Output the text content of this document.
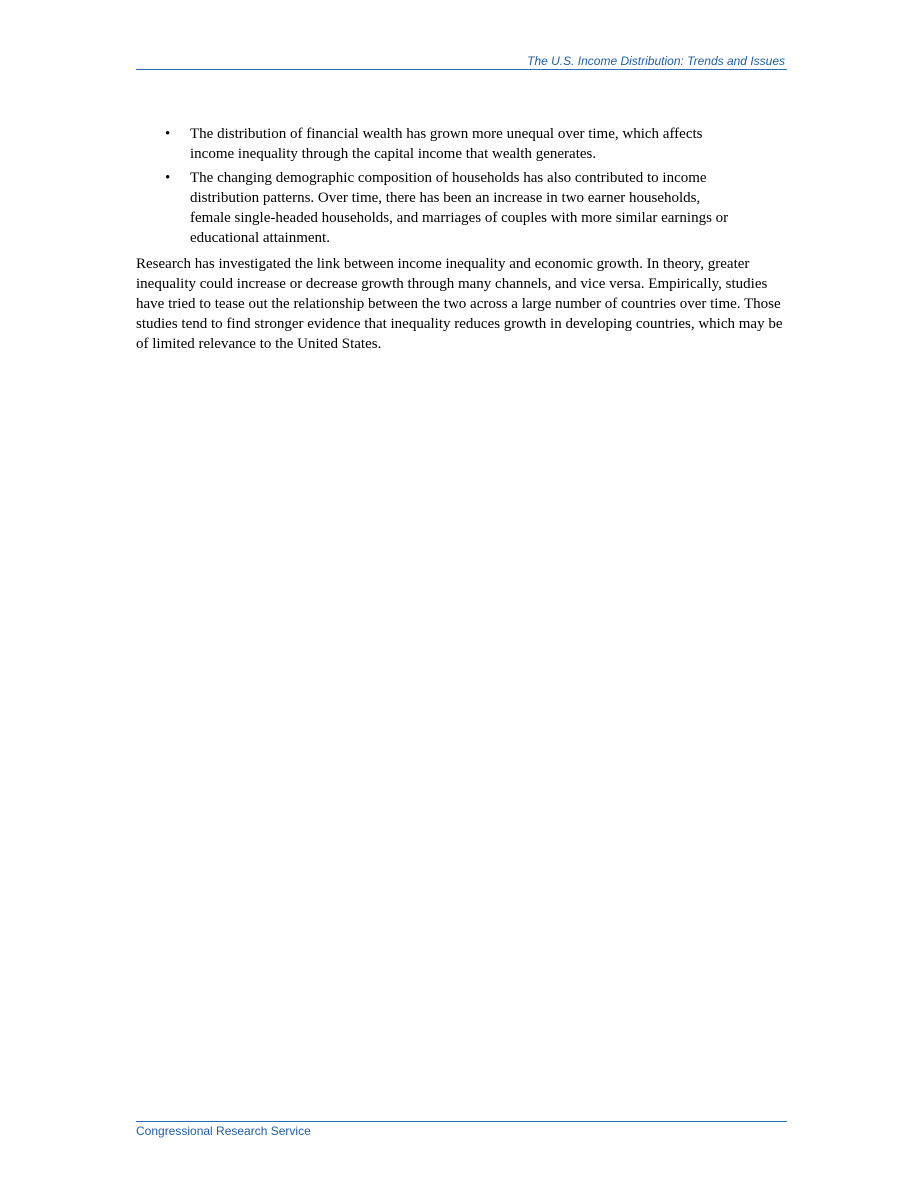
The U.S. Income Distribution: Trends and Issues
• The distribution of financial wealth has grown more unequal over time, which affects income inequality through the capital income that wealth generates.
• The changing demographic composition of households has also contributed to income distribution patterns. Over time, there has been an increase in two earner households, female single-headed households, and marriages of couples with more similar earnings or educational attainment.

Research has investigated the link between income inequality and economic growth. In theory, greater inequality could increase or decrease growth through many channels, and vice versa. Empirically, studies have tried to tease out the relationship between the two across a large number of countries over time. Those studies tend to find stronger evidence that inequality reduces growth in developing countries, which may be of limited relevance to the United States.

Congressional Research Service
